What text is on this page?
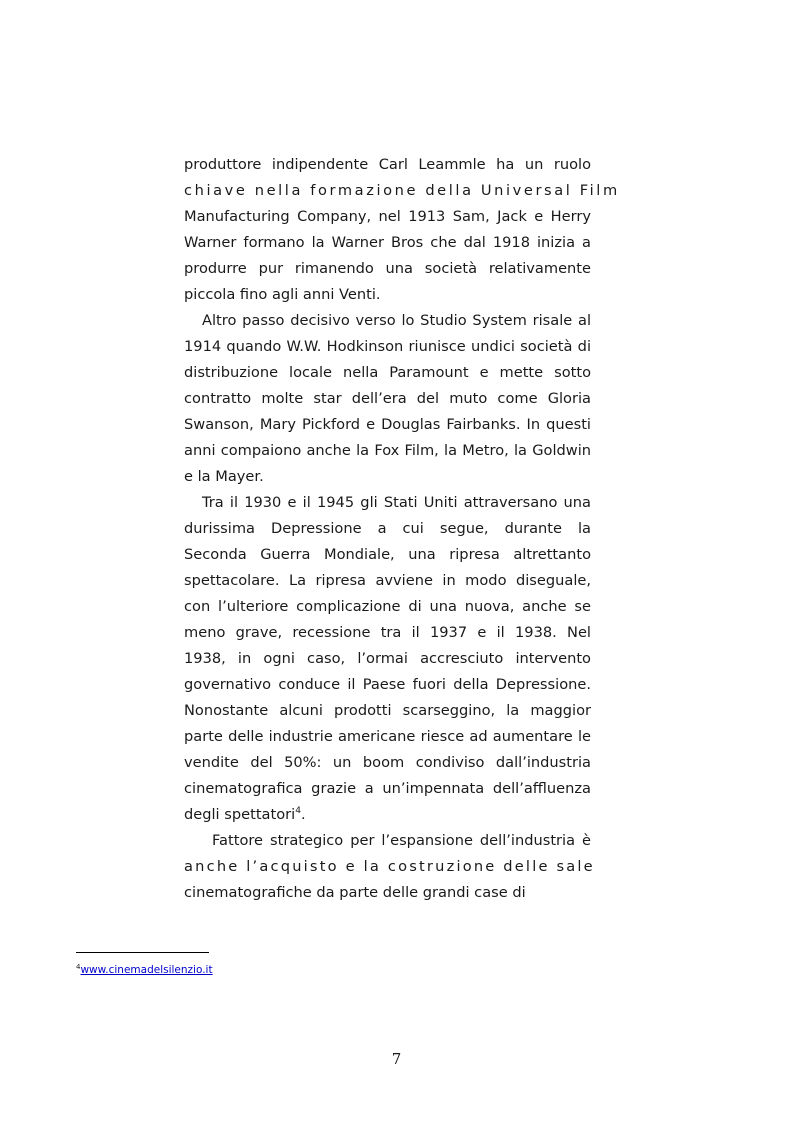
produttore indipendente Carl Leammle ha un ruolo
chiave nella formazione della Universal Film
Manufacturing Company, nel 1913 Sam, Jack e Herry
Warner formano la Warner Bros che dal 1918 inizia a
produrre pur rimanendo una società relativamente
piccola fino agli anni Venti.

Altro passo decisivo verso lo Studio System risale al
1914 quando W.W. Hodkinson riunisce undici società di
distribuzione locale nella Paramount e mette sotto
contratto molte star dell’era del muto come Gloria
Swanson, Mary Pickford e Douglas Fairbanks. In questi
anni compaiono anche la Fox Film, la Metro, la Goldwin
e la Mayer.

Tra il 1930 e il 1945 gli Stati Uniti attraversano una
durissima Depressione a cui segue, durante la
Seconda Guerra Mondiale, una ripresa altrettanto
spettacolare. La ripresa avviene in modo diseguale,
con l’ulteriore complicazione di una nuova, anche se
meno grave, recessione tra il 1937 e il 1938. Nel
1938, in ogni caso, l’ormai accresciuto intervento
governativo conduce il Paese fuori della Depressione.
Nonostante alcuni prodotti scarseggino, la maggior
parte delle industrie americane riesce ad aumentare le
vendite del 50%: un boom condiviso dall’industria
cinematografica grazie a un’impennata dell’affluenza
degli spettatori$^4$.

Fattore strategico per l’espansione dell’industria è
anche l’acquisto e la costruzione delle sale
cinematografiche da parte delle grandi case di

$^4$www.cinemadelsilenzio.it
7
